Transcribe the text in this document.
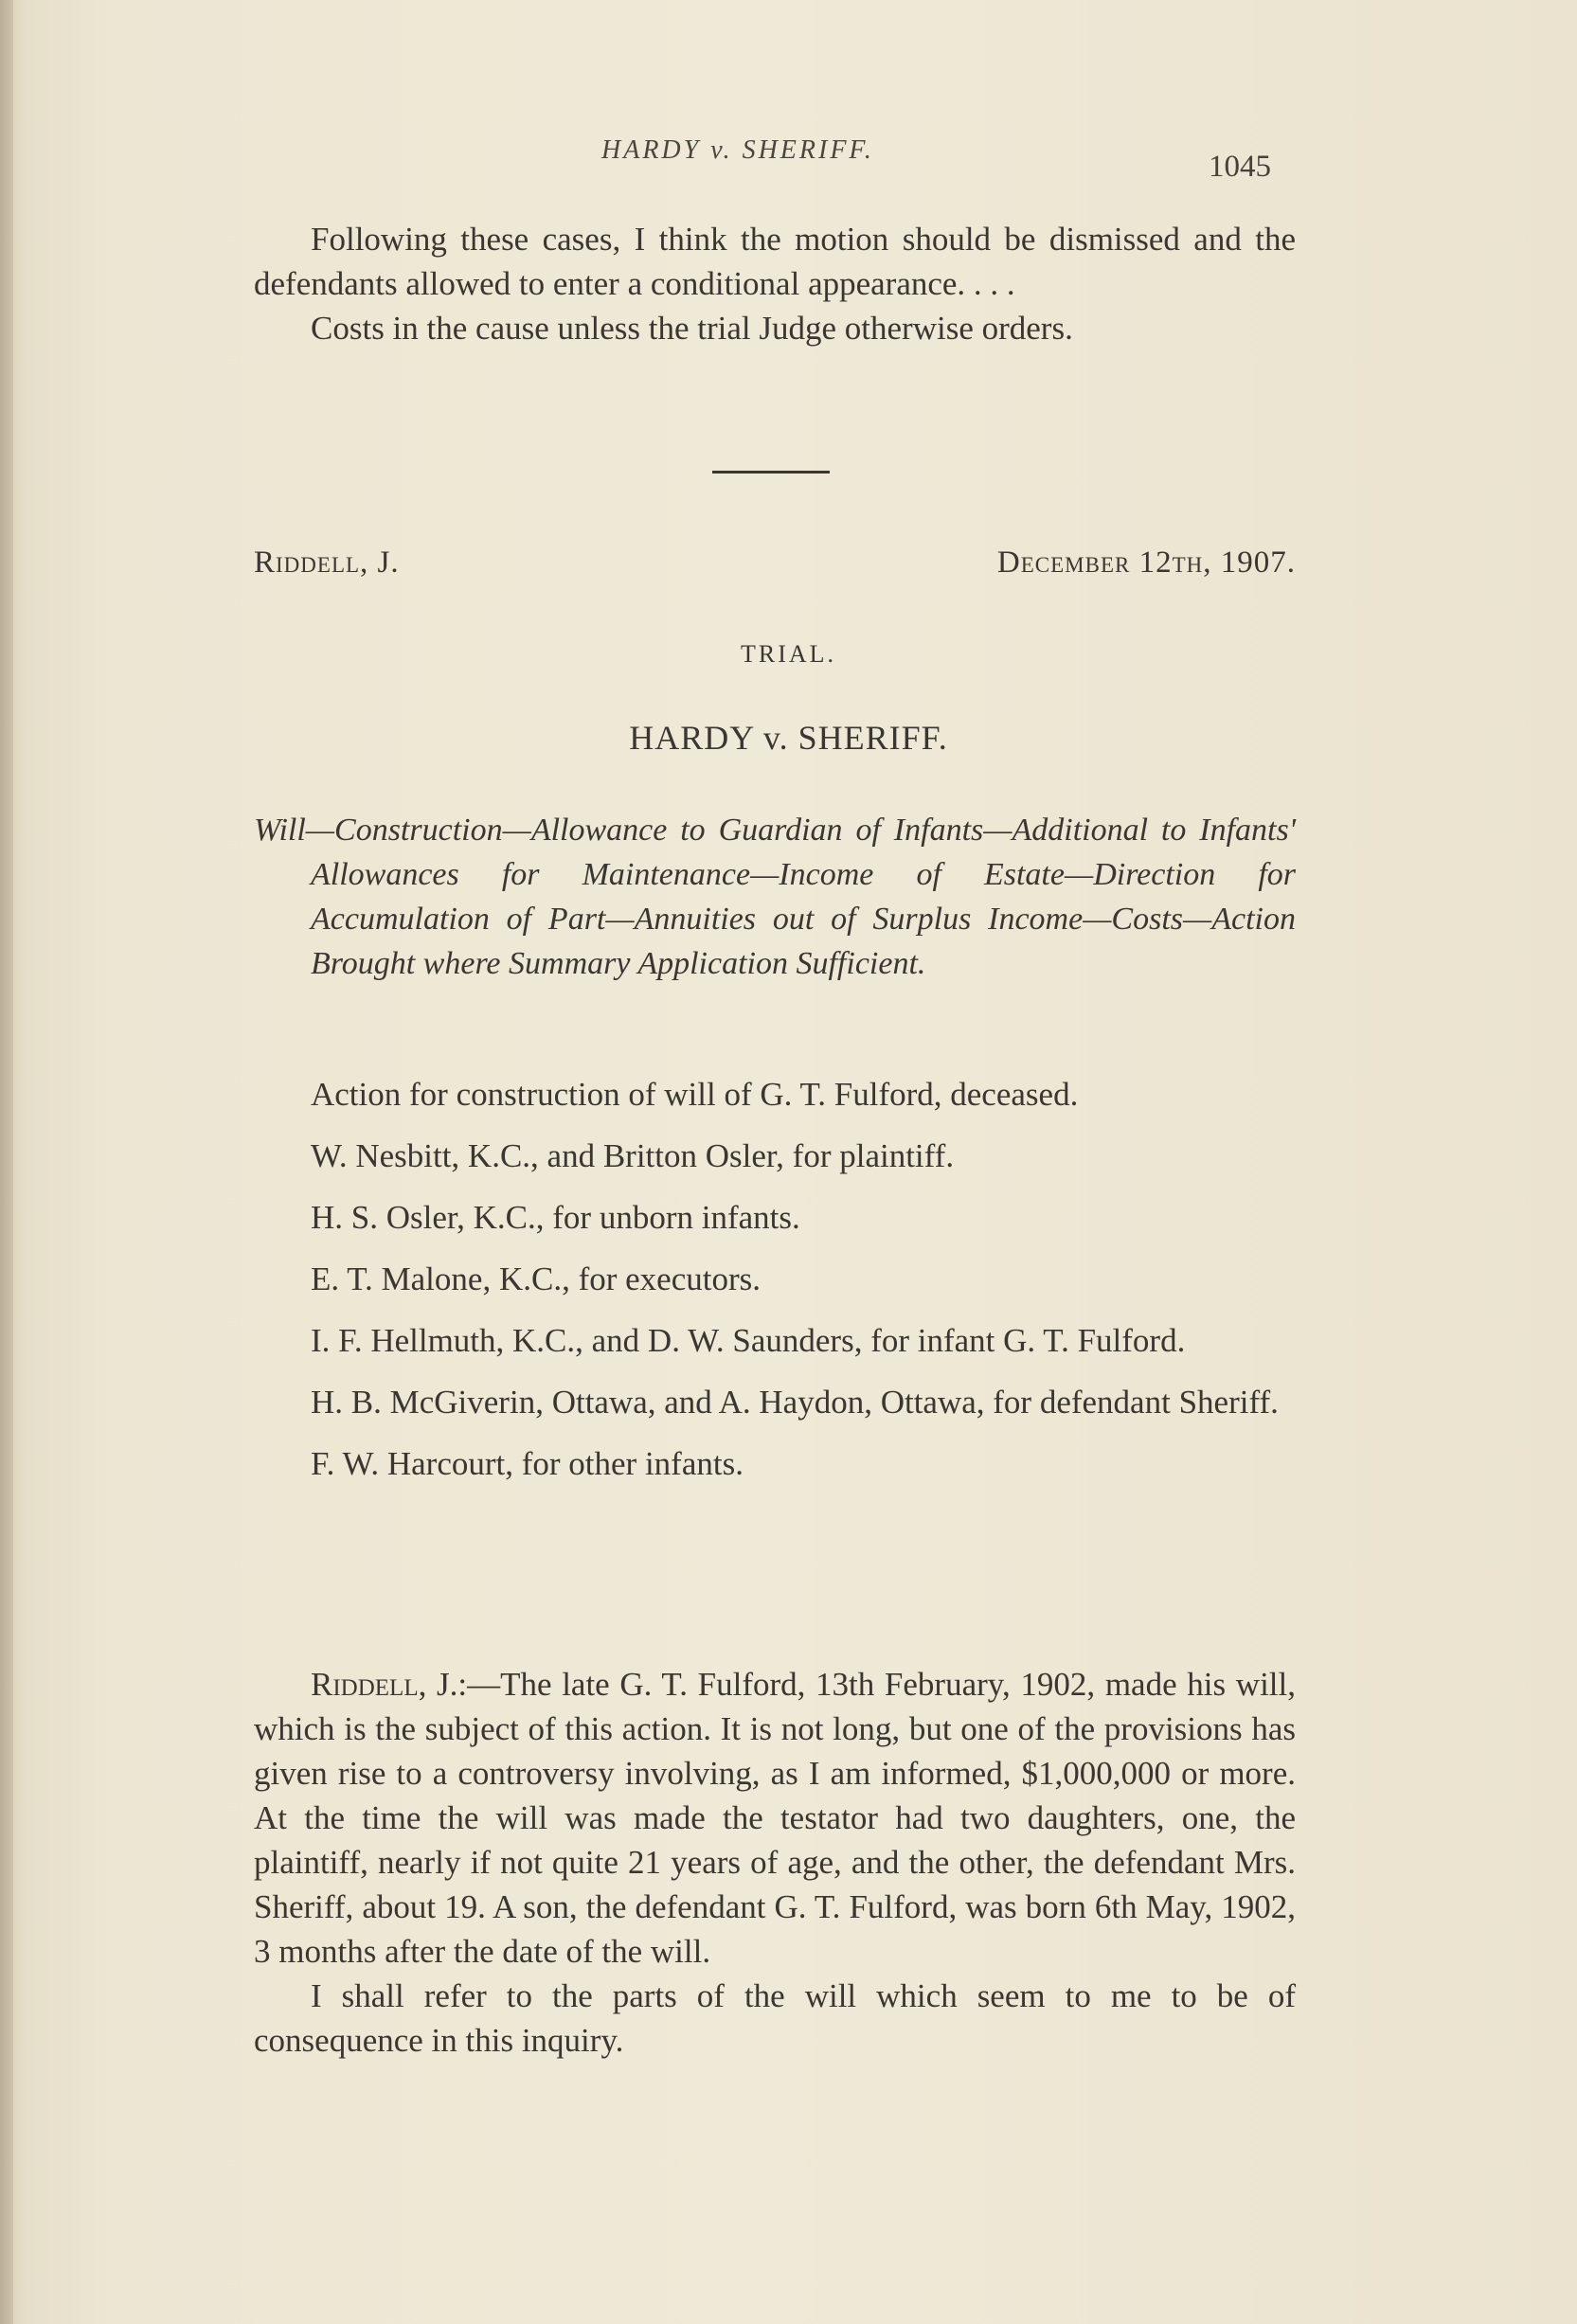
HARDY v. SHERIFF.	1045
Following these cases, I think the motion should be dismissed and the defendants allowed to enter a conditional appearance. . . .
Costs in the cause unless the trial Judge otherwise orders.
Riddell, J.	December 12th, 1907.
TRIAL.
HARDY v. SHERIFF.
Will—Construction—Allowance to Guardian of Infants—Additional to Infants' Allowances for Maintenance—Income of Estate—Direction for Accumulation of Part—Annuities out of Surplus Income—Costs—Action Brought where Summary Application Sufficient.

Action for construction of will of G. T. Fulford, deceased.

W. Nesbitt, K.C., and Britton Osler, for plaintiff.

H. S. Osler, K.C., for unborn infants.

E. T. Malone, K.C., for executors.

I. F. Hellmuth, K.C., and D. W. Saunders, for infant G. T. Fulford.

H. B. McGiverin, Ottawa, and A. Haydon, Ottawa, for defendant Sheriff.

F. W. Harcourt, for other infants.

Riddell, J.:—The late G. T. Fulford, 13th February, 1902, made his will, which is the subject of this action. It is not long, but one of the provisions has given rise to a controversy involving, as I am informed, $1,000,000 or more. At the time the will was made the testator had two daughters, one, the plaintiff, nearly if not quite 21 years of age, and the other, the defendant Mrs. Sheriff, about 19. A son, the defendant G. T. Fulford, was born 6th May, 1902, 3 months after the date of the will.
I shall refer to the parts of the will which seem to me to be of consequence in this inquiry.
